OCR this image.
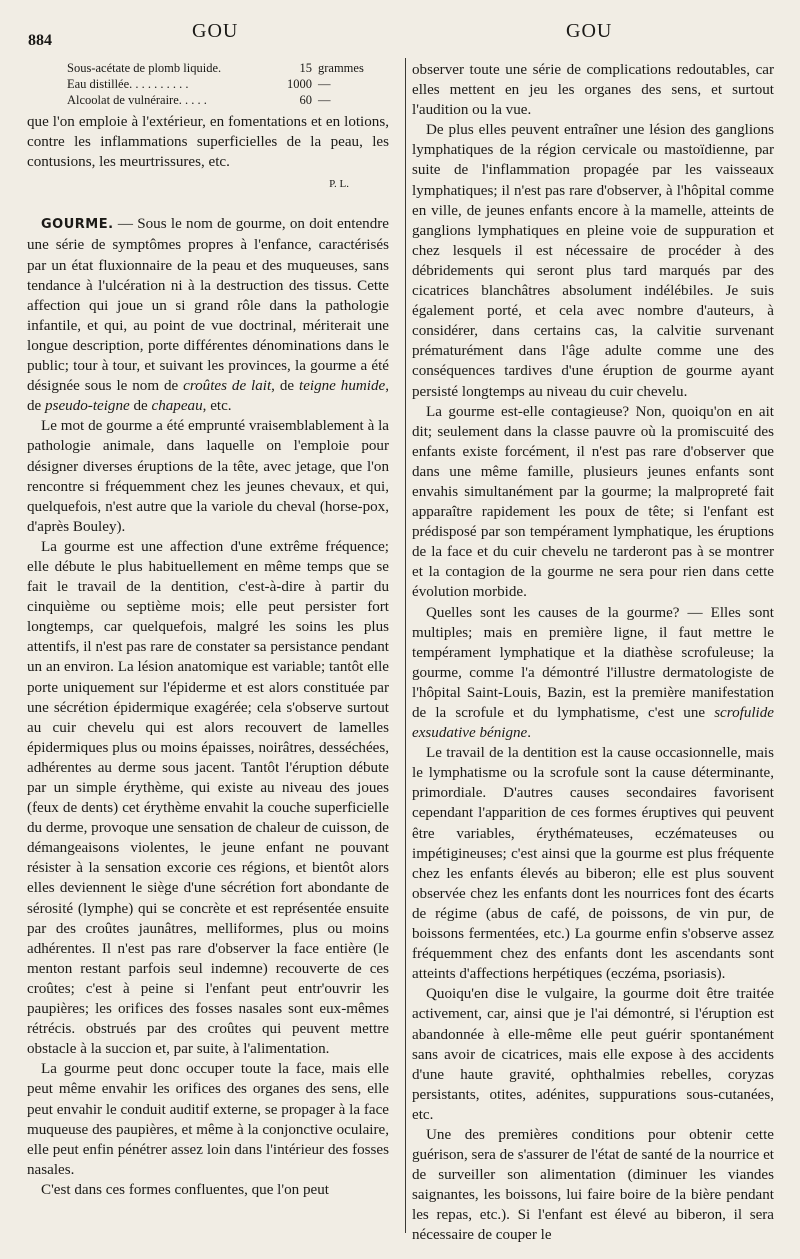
884	GOU	GOU
Sous-acétate de plomb liquide.	15 grammes
Eau distillée. . . . . . . . . .	1000 —
Alcoolat de vulnéraire. . . . .	60 —

que l'on emploie à l'extérieur, en fomentations et en lotions, contre les inflammations superficielles de la peau, les contusions, les meurtrissures, etc.

P. L.

GOURME. — Sous le nom de gourme, on doit entendre une série de symptômes propres à l'enfance, caractérisés par un état fluxionnaire de la peau et des muqueuses, sans tendance à l'ulcération ni à la destruction des tissus. Cette affection qui joue un si grand rôle dans la pathologie infantile, et qui, au point de vue doctrinal, mériterait une longue description, porte différentes dénominations dans le public; tour à tour, et suivant les provinces, la gourme a été désignée sous le nom de croûtes de lait, de teigne humide, de pseudo-teigne de chapeau, etc.

Le mot de gourme a été emprunté vraisemblablement à la pathologie animale, dans laquelle on l'emploie pour désigner diverses éruptions de la tête, avec jetage, que l'on rencontre si fréquemment chez les jeunes chevaux, et qui, quelquefois, n'est autre que la variole du cheval (horse-pox, d'après Bouley).

La gourme est une affection d'une extrême fréquence; elle débute le plus habituellement en même temps que se fait le travail de la dentition, c'est-à-dire à partir du cinquième ou septième mois; elle peut persister fort longtemps, car quelquefois, malgré les soins les plus attentifs, il n'est pas rare de constater sa persistance pendant un an environ. La lésion anatomique est variable; tantôt elle porte uniquement sur l'épiderme et est alors constituée par une sécrétion épidermique exagérée; cela s'observe surtout au cuir chevelu qui est alors recouvert de lamelles épidermiques plus ou moins épaisses, noirâtres, desséchées, adhérentes au derme sous jacent. Tantôt l'éruption débute par un simple érythème, qui existe au niveau des joues (feux de dents) cet érythème envahit la couche superficielle du derme, provoque une sensation de chaleur de cuisson, de démangeaisons violentes, le jeune enfant ne pouvant résister à la sensation excorie ces régions, et bientôt alors elles deviennent le siège d'une sécrétion fort abondante de sérosité (lymphe) qui se concrète et est représentée ensuite par des croûtes jaunâtres, melliformes, plus ou moins adhérentes. Il n'est pas rare d'observer la face entière (le menton restant parfois seul indemne) recouverte de ces croûtes; c'est à peine si l'enfant peut entr'ouvrir les paupières; les orifices des fosses nasales sont eux-mêmes rétrécis. obstrués par des croûtes qui peuvent mettre obstacle à la succion et, par suite, à l'alimentation.

La gourme peut donc occuper toute la face, mais elle peut même envahir les orifices des organes des sens, elle peut envahir le conduit auditif externe, se propager à la face muqueuse des paupières, et même à la conjonctive oculaire, elle peut enfin pénétrer assez loin dans l'intérieur des fosses nasales.

C'est dans ces formes confluentes, que l'on peut

observer toute une série de complications redoutables, car elles mettent en jeu les organes des sens, et surtout l'audition ou la vue.

De plus elles peuvent entraîner une lésion des ganglions lymphatiques de la région cervicale ou mastoïdienne, par suite de l'inflammation propagée par les vaisseaux lymphatiques; il n'est pas rare d'observer, à l'hôpital comme en ville, de jeunes enfants encore à la mamelle, atteints de ganglions lymphatiques en pleine voie de suppuration et chez lesquels il est nécessaire de procéder à des débridements qui seront plus tard marqués par des cicatrices blanchâtres absolument indélébiles. Je suis également porté, et cela avec nombre d'auteurs, à considérer, dans certains cas, la calvitie survenant prématurément dans l'âge adulte comme une des conséquences tardives d'une éruption de gourme ayant persisté longtemps au niveau du cuir chevelu.

La gourme est-elle contagieuse? Non, quoiqu'on en ait dit; seulement dans la classe pauvre où la promiscuité des enfants existe forcément, il n'est pas rare d'observer que dans une même famille, plusieurs jeunes enfants sont envahis simultanément par la gourme; la malpropreté fait apparaître rapidement les poux de tête; si l'enfant est prédisposé par son tempérament lymphatique, les éruptions de la face et du cuir chevelu ne tarderont pas à se montrer et la contagion de la gourme ne sera pour rien dans cette évolution morbide.

Quelles sont les causes de la gourme? — Elles sont multiples; mais en première ligne, il faut mettre le tempérament lymphatique et la diathèse scrofuleuse; la gourme, comme l'a démontré l'illustre dermatologiste de l'hôpital Saint-Louis, Bazin, est la première manifestation de la scrofule et du lymphatisme, c'est une scrofulide exsudative bénigne.

Le travail de la dentition est la cause occasionnelle, mais le lymphatisme ou la scrofule sont la cause déterminante, primordiale. D'autres causes secondaires favorisent cependant l'apparition de ces formes éruptives qui peuvent être variables, érythémateuses, eczémateuses ou impétigineuses; c'est ainsi que la gourme est plus fréquente chez les enfants élevés au biberon; elle est plus souvent observée chez les enfants dont les nourrices font des écarts de régime (abus de café, de poissons, de vin pur, de boissons fermentées, etc.) La gourme enfin s'observe assez fréquemment chez des enfants dont les ascendants sont atteints d'affections herpétiques (eczéma, psoriasis).

Quoiqu'en dise le vulgaire, la gourme doit être traitée activement, car, ainsi que je l'ai démontré, si l'éruption est abandonnée à elle-même elle peut guérir spontanément sans avoir de cicatrices, mais elle expose à des accidents d'une haute gravité, ophthalmies rebelles, coryzas persistants, otites, adénites, suppurations sous-cutanées, etc.

Une des premières conditions pour obtenir cette guérison, sera de s'assurer de l'état de santé de la nourrice et de surveiller son alimentation (diminuer les viandes saignantes, les boissons, lui faire boire de la bière pendant les repas, etc.). Si l'enfant est élevé au biberon, il sera nécessaire de couper le
